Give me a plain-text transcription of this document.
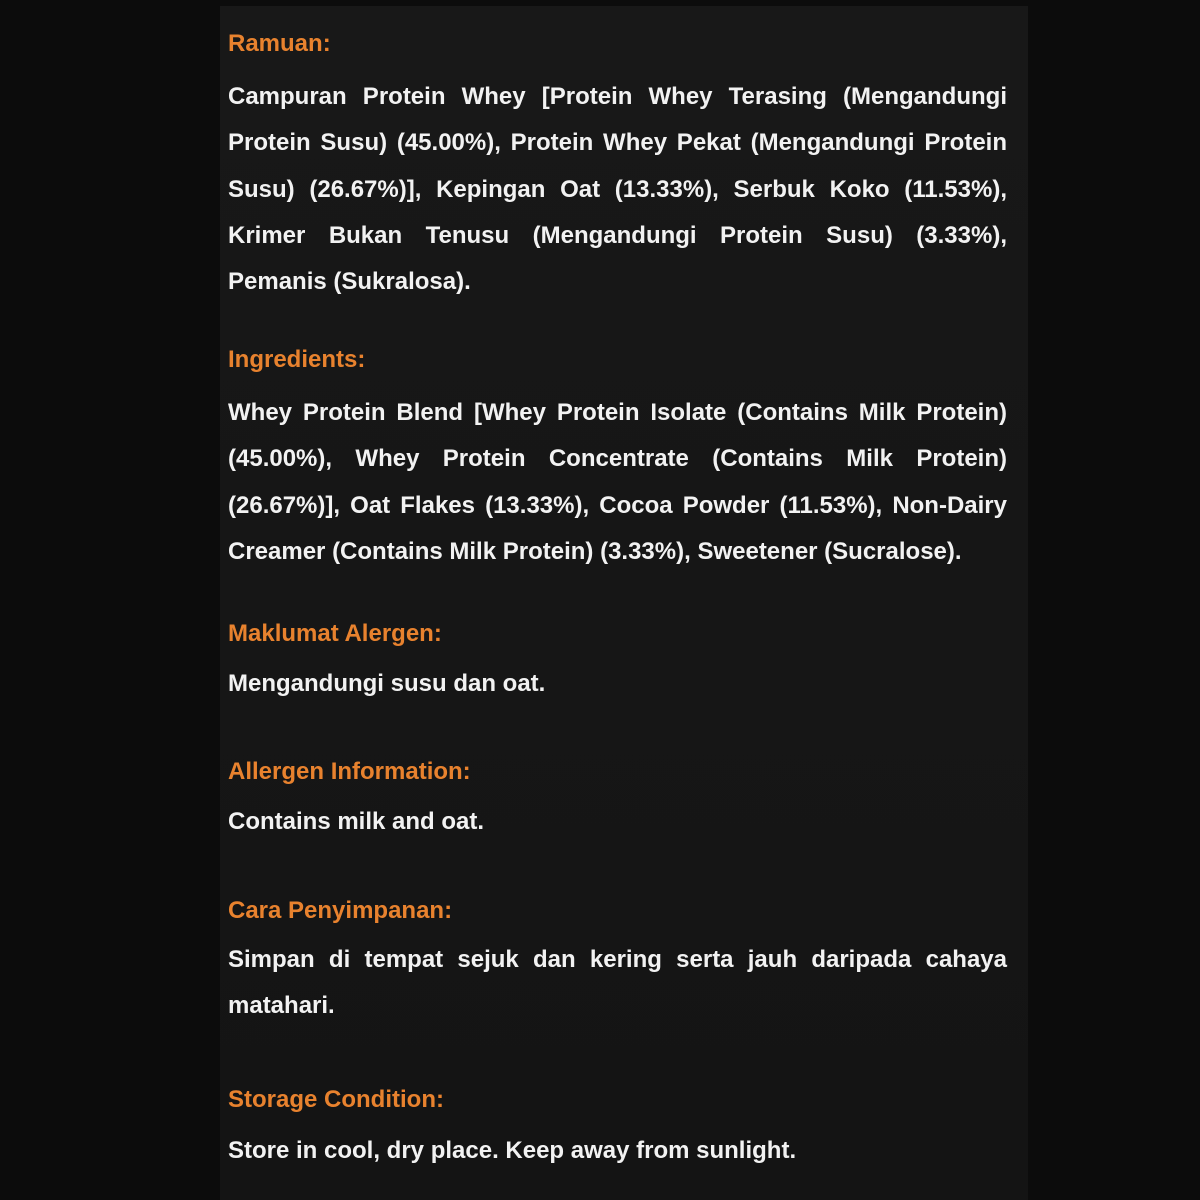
Ramuan:
Campuran Protein Whey [Protein Whey Terasing (Mengandungi Protein Susu) (45.00%), Protein Whey Pekat (Mengandungi Protein Susu) (26.67%)], Kepingan Oat (13.33%), Serbuk Koko (11.53%), Krimer Bukan Tenusu (Mengandungi Protein Susu) (3.33%), Pemanis (Sukralosa).
Ingredients:
Whey Protein Blend [Whey Protein Isolate (Contains Milk Protein) (45.00%), Whey Protein Concentrate (Contains Milk Protein) (26.67%)], Oat Flakes (13.33%), Cocoa Powder (11.53%), Non-Dairy Creamer (Contains Milk Protein) (3.33%), Sweetener (Sucralose).
Maklumat Alergen:
Mengandungi susu dan oat.
Allergen Information:
Contains milk and oat.
Cara Penyimpanan:
Simpan di tempat sejuk dan kering serta jauh daripada cahaya matahari.
Storage Condition:
Store in cool, dry place. Keep away from sunlight.
